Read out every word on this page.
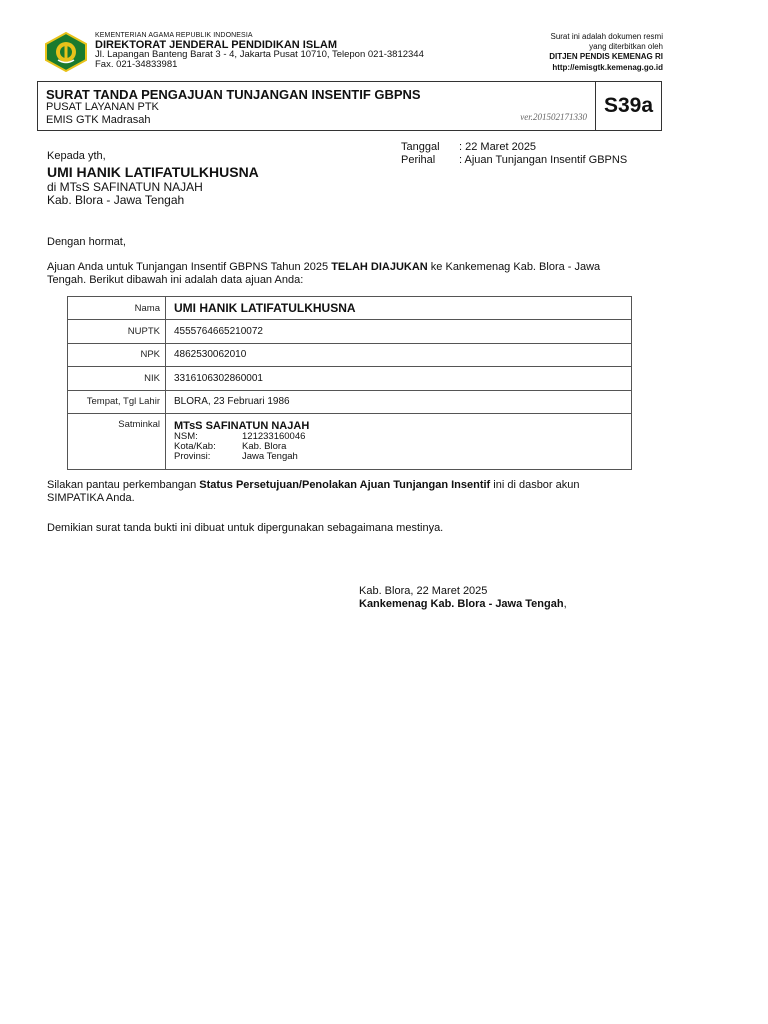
KEMENTERIAN AGAMA REPUBLIK INDONESIA
DIREKTORAT JENDERAL PENDIDIKAN ISLAM
Jl. Lapangan Banteng Barat 3 - 4, Jakarta Pusat 10710, Telepon 021-3812344
Fax. 021-34833981
Surat ini adalah dokumen resmi
yang diterbitkan oleh
DITJEN PENDIS KEMENAG RI
http://emisgtk.kemenag.go.id
SURAT TANDA PENGAJUAN TUNJANGAN INSENTIF GBPNS
PUSAT LAYANAN PTK
EMIS GTK Madrasah	ver.201502171330 S39a
Tanggal : 22 Maret 2025
Perihal : Ajuan Tunjangan Insentif GBPNS
Kepada yth,
UMI HANIK LATIFATULKHUSNA
di MTsS SAFINATUN NAJAH
Kab. Blora - Jawa Tengah
Dengan hormat,
Ajuan Anda untuk Tunjangan Insentif GBPNS Tahun 2025 TELAH DIAJUKAN ke Kankemenag Kab. Blora - Jawa Tengah. Berikut dibawah ini adalah data ajuan Anda:
Nama	UMI HANIK LATIFATULKHUSNA
NUPTK	4555764665210072
NPK	4862530062010
NIK	3316106302860001
Tempat, Tgl Lahir	BLORA, 23 Februari 1986
Satminkal	MTsS SAFINATUN NAJAH
NSM: 121233160046
Kota/Kab: Kab. Blora
Provinsi: Jawa Tengah
Silakan pantau perkembangan Status Persetujuan/Penolakan Ajuan Tunjangan Insentif ini di dasbor akun SIMPATIKA Anda.
Demikian surat tanda bukti ini dibuat untuk dipergunakan sebagaimana mestinya.
Kab. Blora, 22 Maret 2025
Kankemenag Kab. Blora - Jawa Tengah,
